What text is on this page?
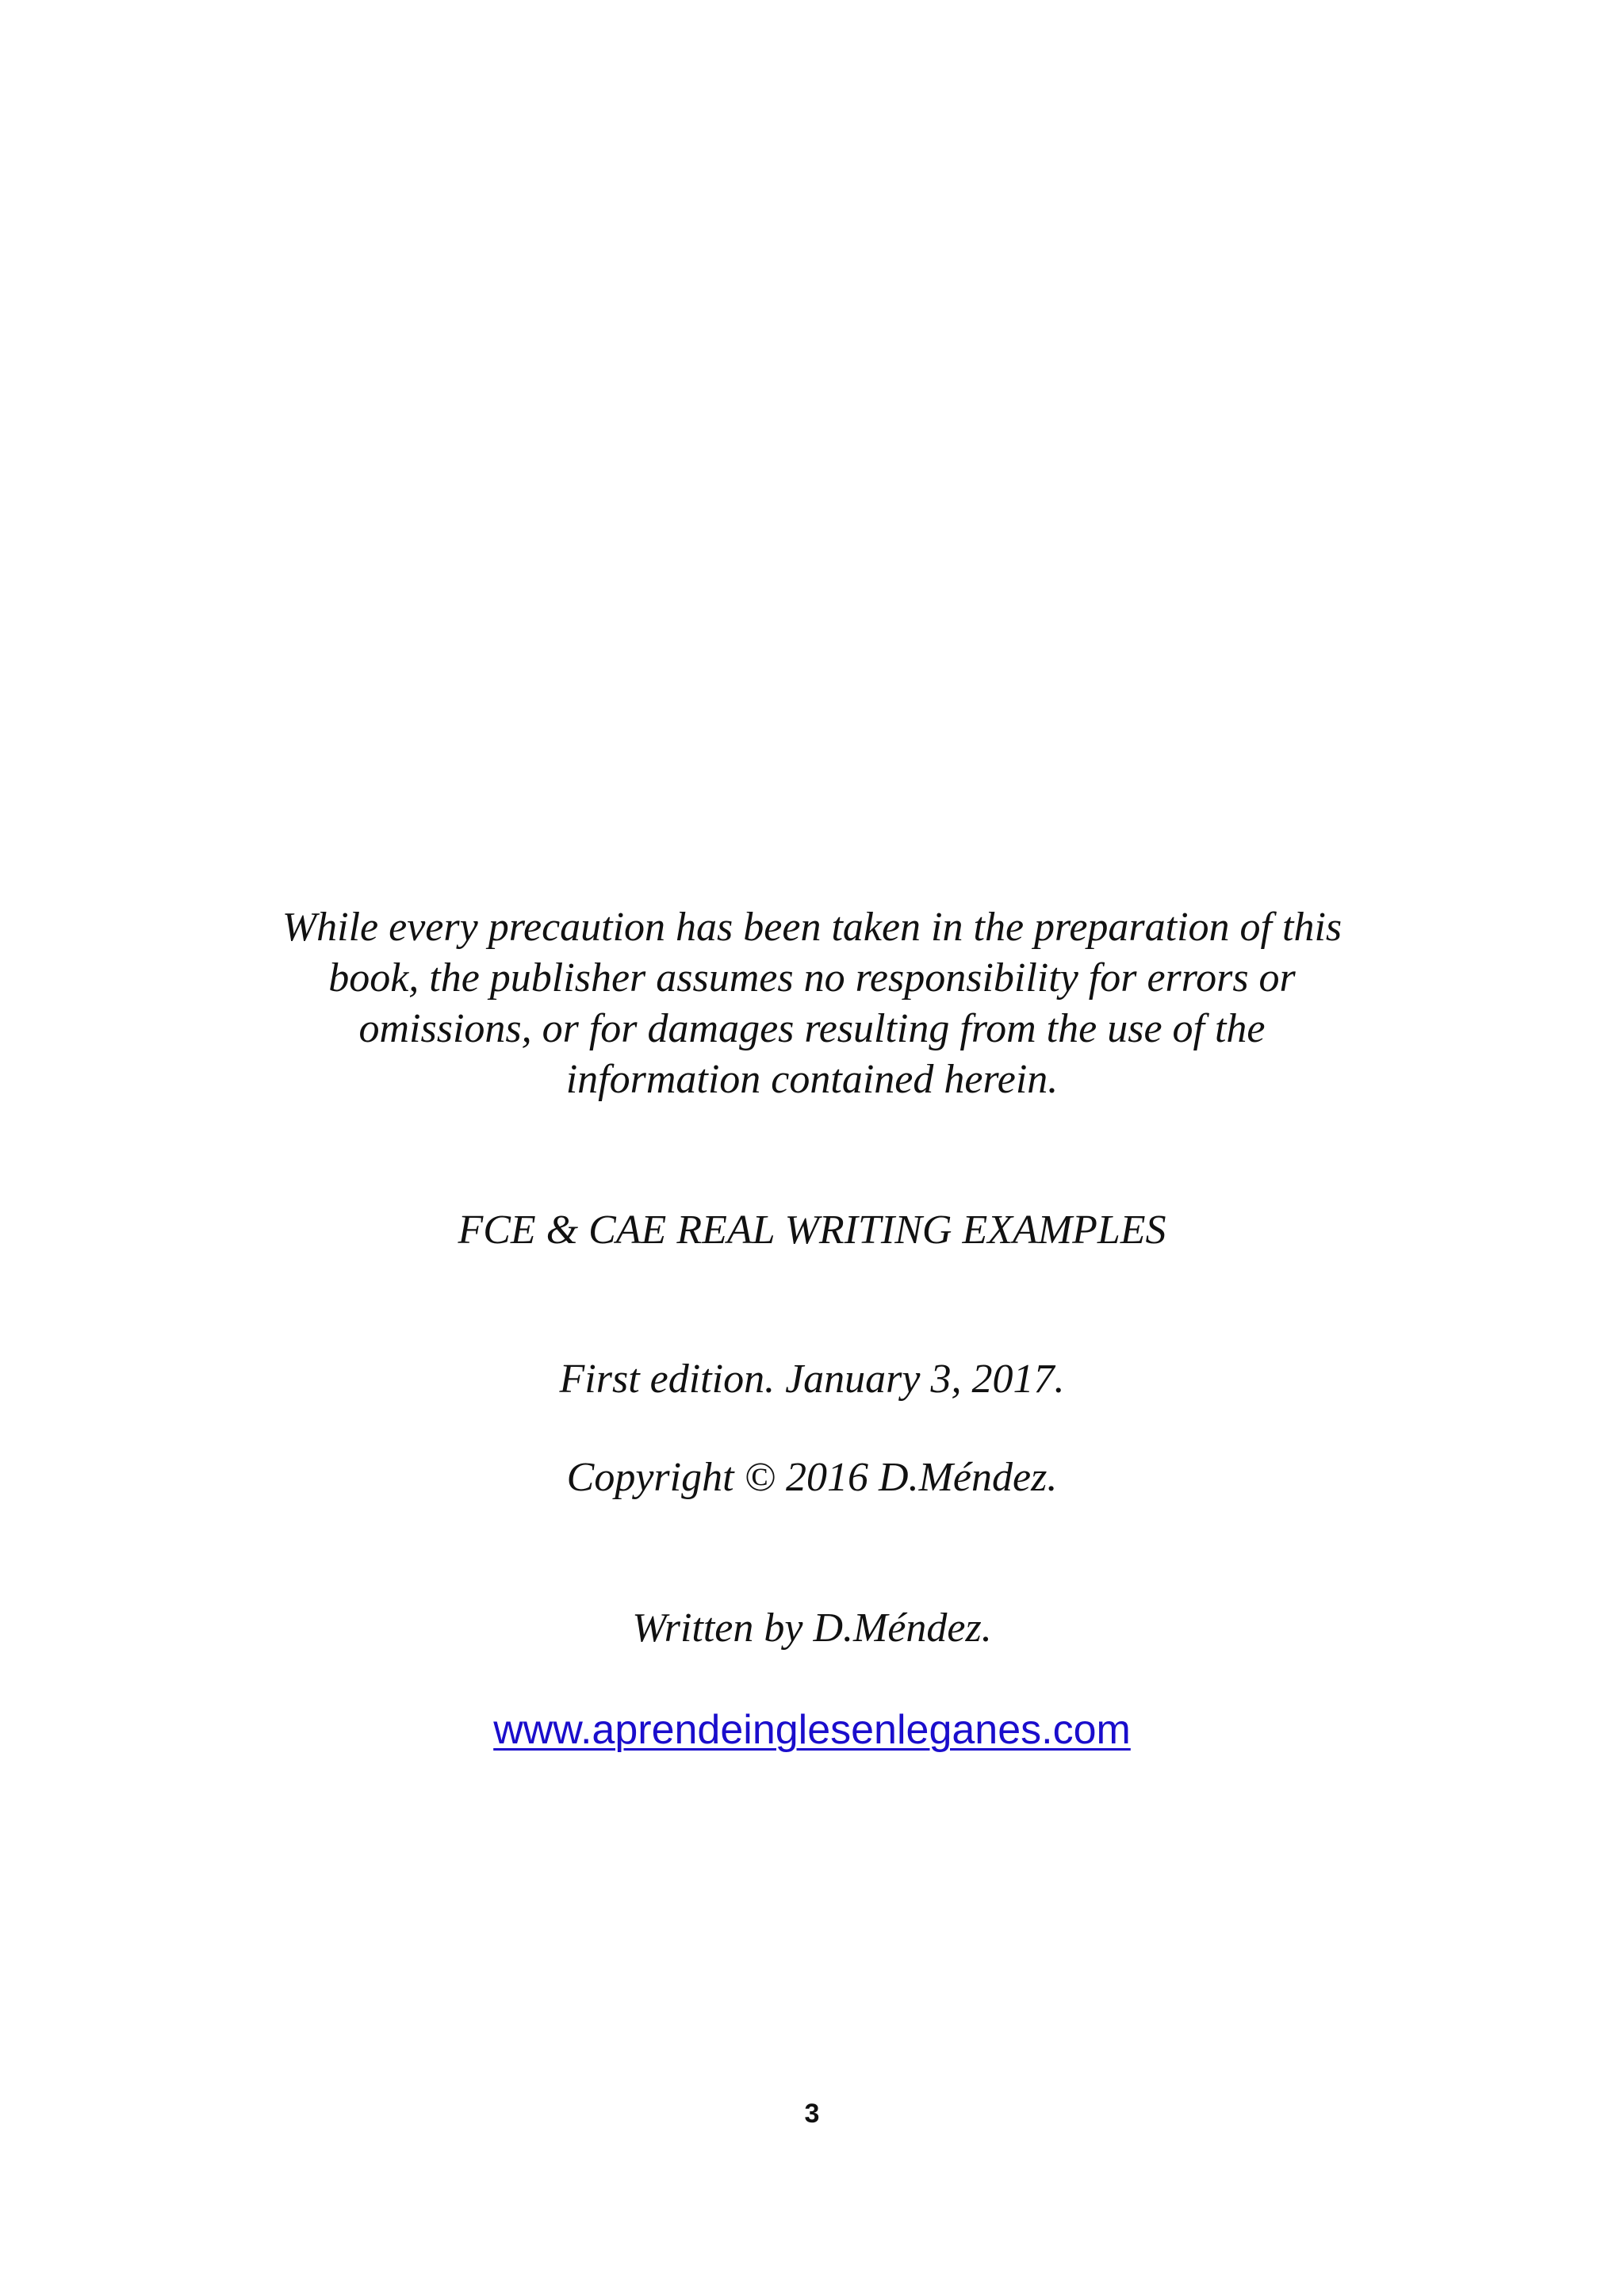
While every precaution has been taken in the preparation of this
book, the publisher assumes no responsibility for errors or
omissions, or for damages resulting from the use of the
information contained herein.
FCE & CAE REAL WRITING EXAMPLES
First edition. January 3, 2017.
Copyright © 2016 D.Méndez.
Written by D.Méndez.
www.aprendeinglesenleganes.com
3
